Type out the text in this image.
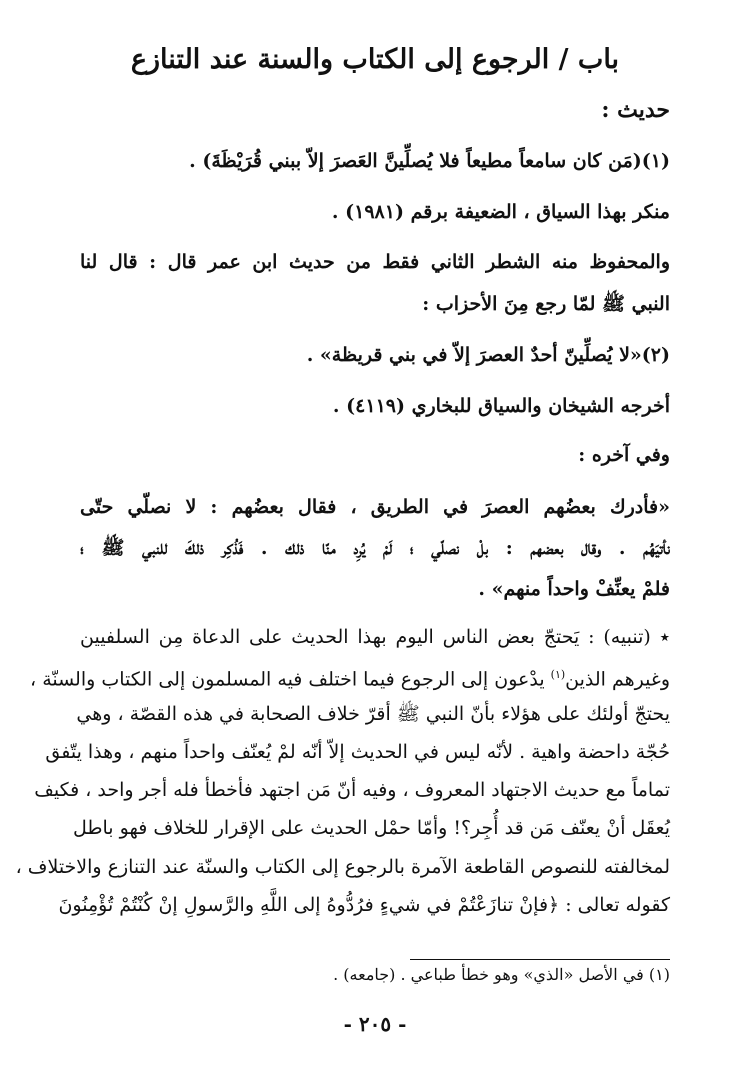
باب / الرجوع إلى الكتاب والسنة عند التنازع
حديث :
(١)(مَن كان سامعاً مطيعاً فلا يُصلِّينَّ العَصرَ إلاّ ببني قُرَيْظَةَ) .
منكر بهذا السياق ، الضعيفة برقم (١٩٨١) .
والمحفوظ منه الشطر الثاني فقط من حديث ابن عمر قال : قال لنا
النبي ﷺ لمّا رجع مِنَ الأحزاب :
(٢)«لا يُصلِّينّ أحدٌ العصرَ إلاّ في بني قريظة» .
أخرجه الشيخان والسياق للبخاري (٤١١٩) .
وفي آخره :
«فأدرك بعضُهم العصرَ في الطريق ، فقال بعضُهم : لا نصلّي حتّى
نأتيَهُم . وقال بعضهم : بلْ نصلّي ؛ لَمْ يُرِد منّا ذلك . فَذُكِر ذلكَ للنبي ﷺ ؛
فلمْ يعنِّفْ واحداً منهم» .
٭ (تنبيه) : يَحتجّ بعض الناس اليوم بهذا الحديث على الدعاة مِن السلفيين
وغيرهم الذين$^{(١)}$ يدْعون إلى الرجوع فيما اختلف فيه المسلمون إلى الكتاب والسنّة ،
يحتجّ أولئك على هؤلاء بأنّ النبي ﷺ أقرّ خلاف الصحابة في هذه القصّة ، وهي
حُجّة داحضة واهية . لأنّه ليس في الحديث إلاّ أنّه لمْ يُعنّف واحداً منهم ، وهذا يتّفق
تماماً مع حديث الاجتهاد المعروف ، وفيه أنّ مَن اجتهد فأخطأ فله أجر واحد ، فكيف
يُعقَل أنْ يعنّف مَن قد أُجِر؟! وأمّا حمْل الحديث على الإقرار للخلاف فهو باطل
لمخالفته للنصوص القاطعة الآمرة بالرجوع إلى الكتاب والسنّة عند التنازع والاختلاف ،
كقوله تعالى : ﴿فإنْ تنازَعْتُمْ في شيءٍ فرُدُّوهُ إلى اللَّهِ والرَّسولِ إنْ كُنْتُمْ تُؤْمِنُونَ
(١) في الأصل «الذي» وهو خطأ طباعي . (جامعه) .
- ٢٠٥ -
